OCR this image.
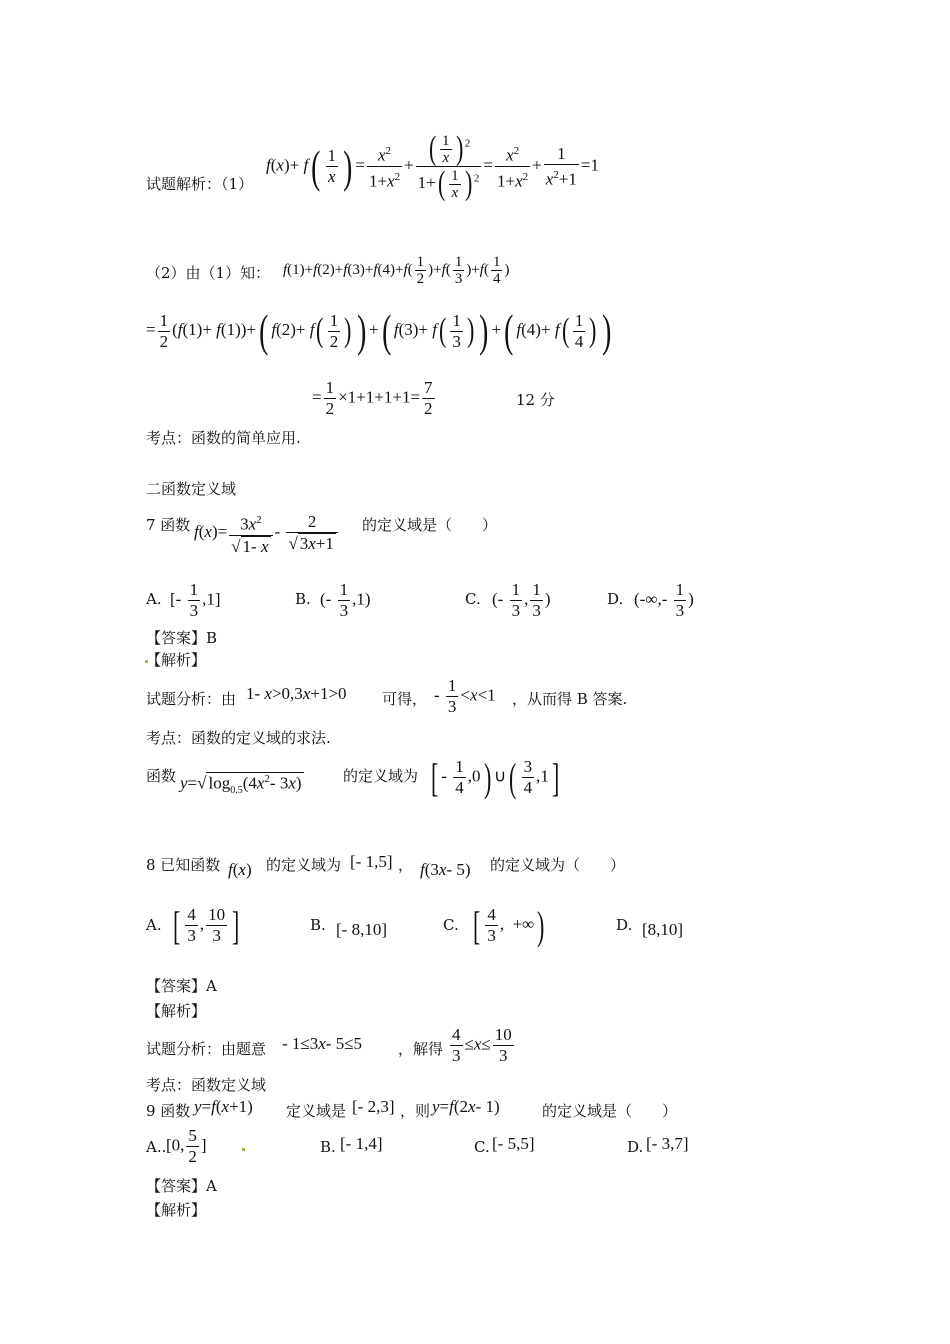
试题解析：（1）
$f(x)+ f( \frac{1}{x}$ ) = $\frac{x^2}{1+x^2} + \frac{( \frac{1}{x} ) ^2}{1+( \frac{1}{x} ) ^2} = \frac{x^2}{1+x^2} + \frac{1}{x^2+1} =1$
（2）由（1）知： $f(1)+f(2)+f(3)+f(4)+f( \frac{1}{2} )+f( \frac{1}{3} )+f( \frac{1}{4}$ )
= $\frac{1}{2} (f(1)+ f(1))+$( $f(2)+ f( \frac{1}{2}$ ) ) +( $f(3)+ f( \frac{1}{3}$ ) ) +( $f(4)+ f( \frac{1}{4}$ ) )
= $\frac{1}{2} \times 1+1+1+1= \frac{7}{2}$	12 分
考点：函数的简单应用.
二函数定义域
7 函数 $f(x)= \frac{3x^2}{√ 1- x} - \frac{2}{√ 3x+1}$ 的定义域是（　　）
A. [- $\frac{1}{3} ,1$]	B. (- $\frac{1}{3} ,1$)	C. (- $\frac{1}{3}$ , $\frac{1}{3}$ )	D. (-∞,- $\frac{1}{3}$ )
【答案】B
【解析】
试题分析：由 1- x>0,3x+1>0 可得， - $\frac{1}{3} <x<1$ ，从而得 B 答案.
考点：函数的定义域的求法.
函数 y=√ $\log_{0.5}(4x^2-$ 3x)	的定义域为 [ - $\frac{1}{4} ,0$) ∪( $\frac{3}{4} ,1$]
8 已知函数 f(x) 的定义域为 [- 1,5] ， f(3x- 5) 的定义域为（　　）
A. [ $\frac{4}{3}$ , $\frac{10}{3}$ ]	B. [- 8,10]	C. [ $\frac{4}{3}$ ,  +∞)	D. [8,10]
【答案】A
【解析】
试题分析：由题意 - 1≤3x- 5≤5 ，解得 $\frac{4}{3} \le x\le \frac{10}{3}$
考点：函数定义域
9 函数 y=f(x+1) 定义域是 [- 2,3] ，则 y=f(2x- 1)	的定义域是（　　）
A.. [0, $\frac{5}{2}$ ]	B. [- 1,4]	C. [- 5,5]	D. [- 3,7]
【答案】A
【解析】
